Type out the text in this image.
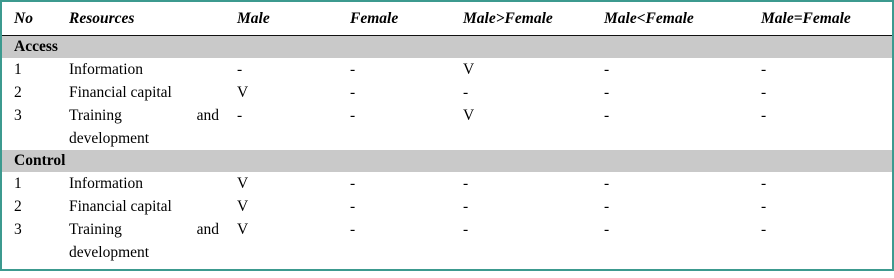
No	Resources	Male	Female	Male>Female	Male<Female	Male=Female
Access						
1	Information	-	-	V	-	-
2	Financial capital	V	-	-	-	-
3	Training and
development	-	-	V	-	-
Control						
1	Information	V	-	-	-	-
2	Financial capital	V	-	-	-	-
3	Training and
development	V	-	-	-	-
